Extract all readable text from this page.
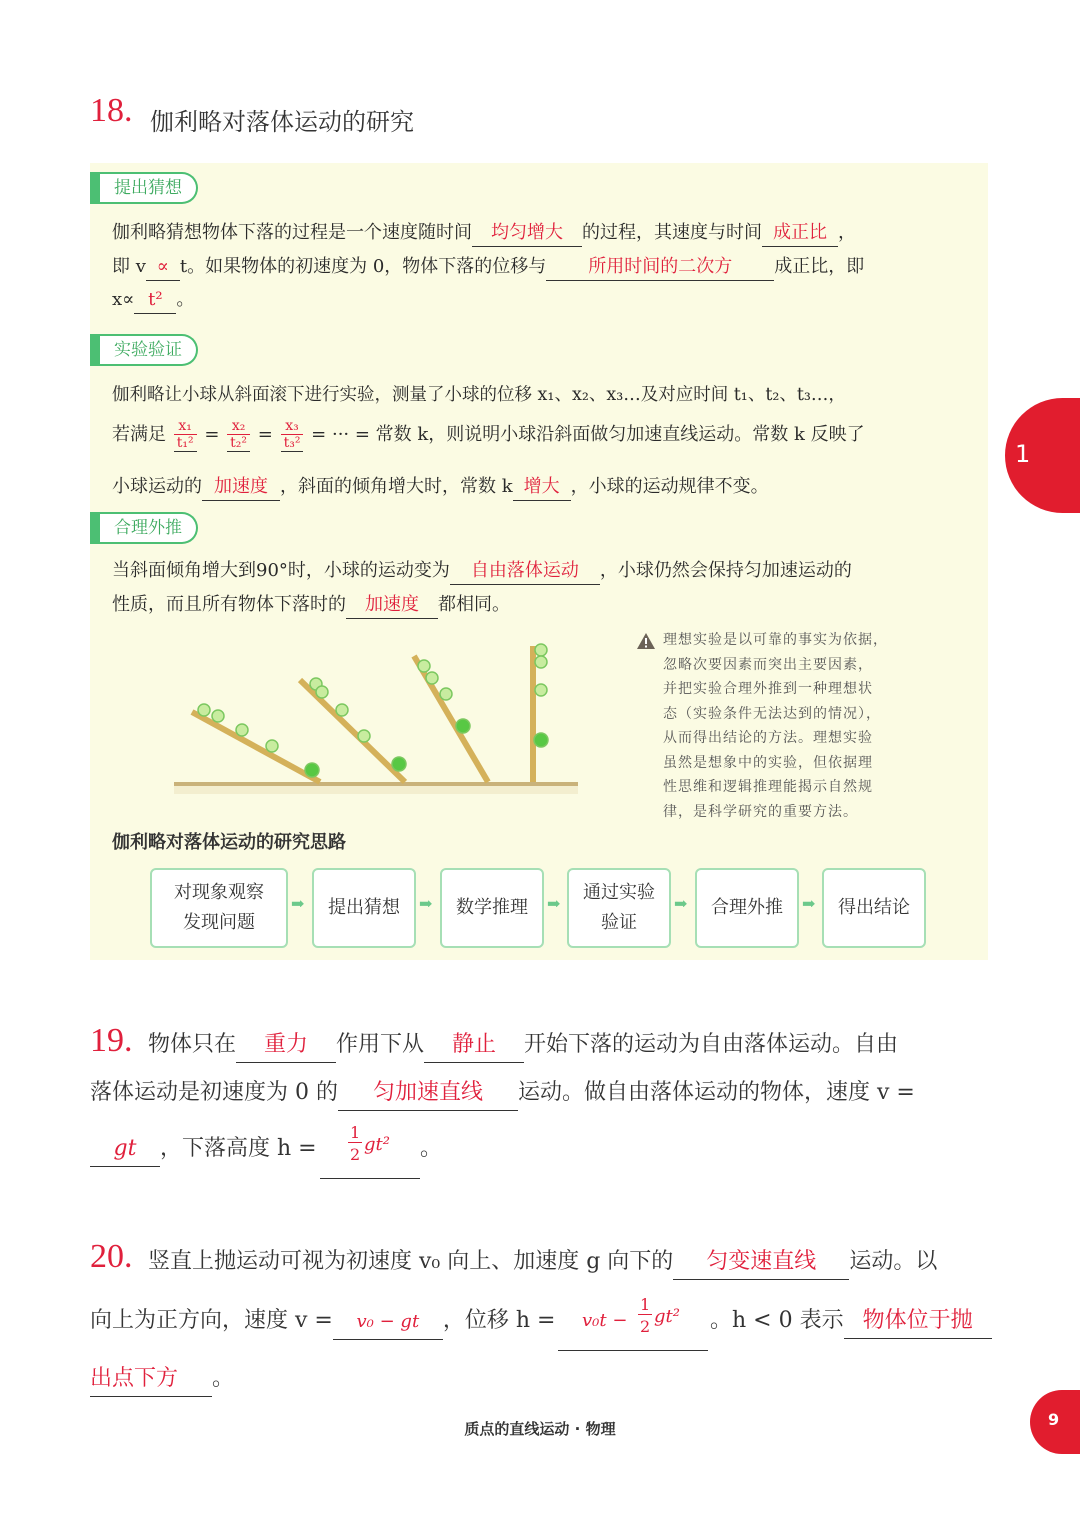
18. 伽利略对落体运动的研究
提出猜想
伽利略猜想物体下落的过程是一个速度随时间 均匀增大 的过程，其速度与时间 成正比 ，
即 v ∝ t。如果物体的初速度为 0，物体下落的位移与 所用时间的二次方 成正比，即
x∝ t² 。
实验验证
伽利略让小球从斜面滚下进行实验，测量了小球的位移 x₁、x₂、x₃…及对应时间 t₁、t₂、t₃…，
若满足 $\frac{\text{x₁}}{\text{t₁²}} = \frac{\text{x₂}}{\text{t₂²}} = \frac{\text{x₃}}{\text{t₃²}}$ = ··· = 常数 k，则说明小球沿斜面做匀加速直线运动。常数 k 反映了
小球运动的 加速度 ，斜面的倾角增大时，常数 k 增大 ，小球的运动规律不变。
合理外推
当斜面倾角增大到90°时，小球的运动变为 自由落体运动 ，小球仍然会保持匀加速运动的
性质，而且所有物体下落时的 加速度 都相同。
理想实验是以可靠的事实为依据，
忽略次要因素而突出主要因素，
并把实验合理外推到一种理想状
态（实验条件无法达到的情况），
从而得出结论的方法。理想实验
虽然是想象中的实验，但依据理
性思维和逻辑推理能揭示自然规
律，是科学研究的重要方法。
伽利略对落体运动的研究思路
对现象观察
发现问题
➡ 提出猜想 ➡ 数学推理 ➡
通过实验
验证
➡ 合理外推 ➡ 得出结论
19. 物体只在 重力 作用下从 静止 开始下落的运动为自由落体运动。自由
落体运动是初速度为 0 的 匀加速直线 运动。做自由落体运动的物体，速度 v =
gt ，下落高度 h =
1
2 gt² 。
20. 竖直上抛运动可视为初速度 v₀ 向上、加速度 g 向下的 匀变速直线 运动。以
向上为正方向，速度 v = v₀ − gt ，位移 h = v₀t −
1
2 gt² 。h < 0 表示 物体位于抛
出点下方 。
质点的直线运动 · 物理
1
9
